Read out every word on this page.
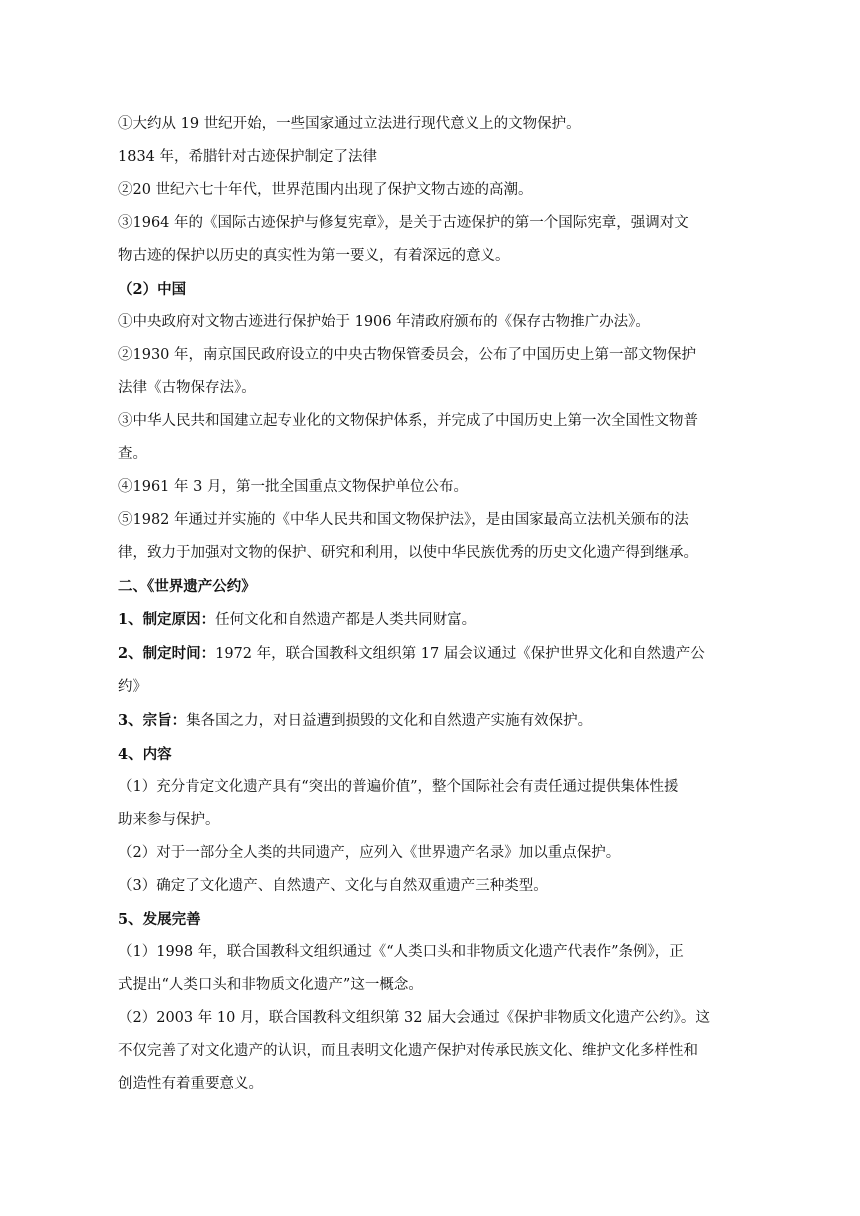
①大约从 19 世纪开始，一些国家通过立法进行现代意义上的文物保护。

1834 年，希腊针对古迹保护制定了法律

②20 世纪六七十年代，世界范围内出现了保护文物古迹的高潮。

③1964 年的《国际古迹保护与修复宪章》，是关于古迹保护的第一个国际宪章，强调对文

物古迹的保护以历史的真实性为第一要义，有着深远的意义。

（2）中国

①中央政府对文物古迹进行保护始于 1906 年清政府颁布的《保存古物推广办法》。

②1930 年，南京国民政府设立的中央古物保管委员会，公布了中国历史上第一部文物保护

法律《古物保存法》。

③中华人民共和国建立起专业化的文物保护体系，并完成了中国历史上第一次全国性文物普

查。

④1961 年 3 月，第一批全国重点文物保护单位公布。

⑤1982 年通过并实施的《中华人民共和国文物保护法》，是由国家最高立法机关颁布的法

律，致力于加强对文物的保护、研究和利用，以使中华民族优秀的历史文化遗产得到继承。

二、《世界遗产公约》

1、制定原因：任何文化和自然遗产都是人类共同财富。

2、制定时间：1972 年，联合国教科文组织第 17 届会议通过《保护世界文化和自然遗产公

约》

3、宗旨：集各国之力，对日益遭到损毁的文化和自然遗产实施有效保护。

4、内容

（1）充分肯定文化遗产具有“突出的普遍价值”，整个国际社会有责任通过提供集体性援

助来参与保护。

（2）对于一部分全人类的共同遗产，应列入《世界遗产名录》加以重点保护。

（3）确定了文化遗产、自然遗产、文化与自然双重遗产三种类型。

5、发展完善

（1）1998 年，联合国教科文组织通过《“人类口头和非物质文化遗产代表作”条例》，正

式提出“人类口头和非物质文化遗产”这一概念。

（2）2003 年 10 月，联合国教科文组织第 32 届大会通过《保护非物质文化遗产公约》。这

不仅完善了对文化遗产的认识，而且表明文化遗产保护对传承民族文化、维护文化多样性和

创造性有着重要意义。
